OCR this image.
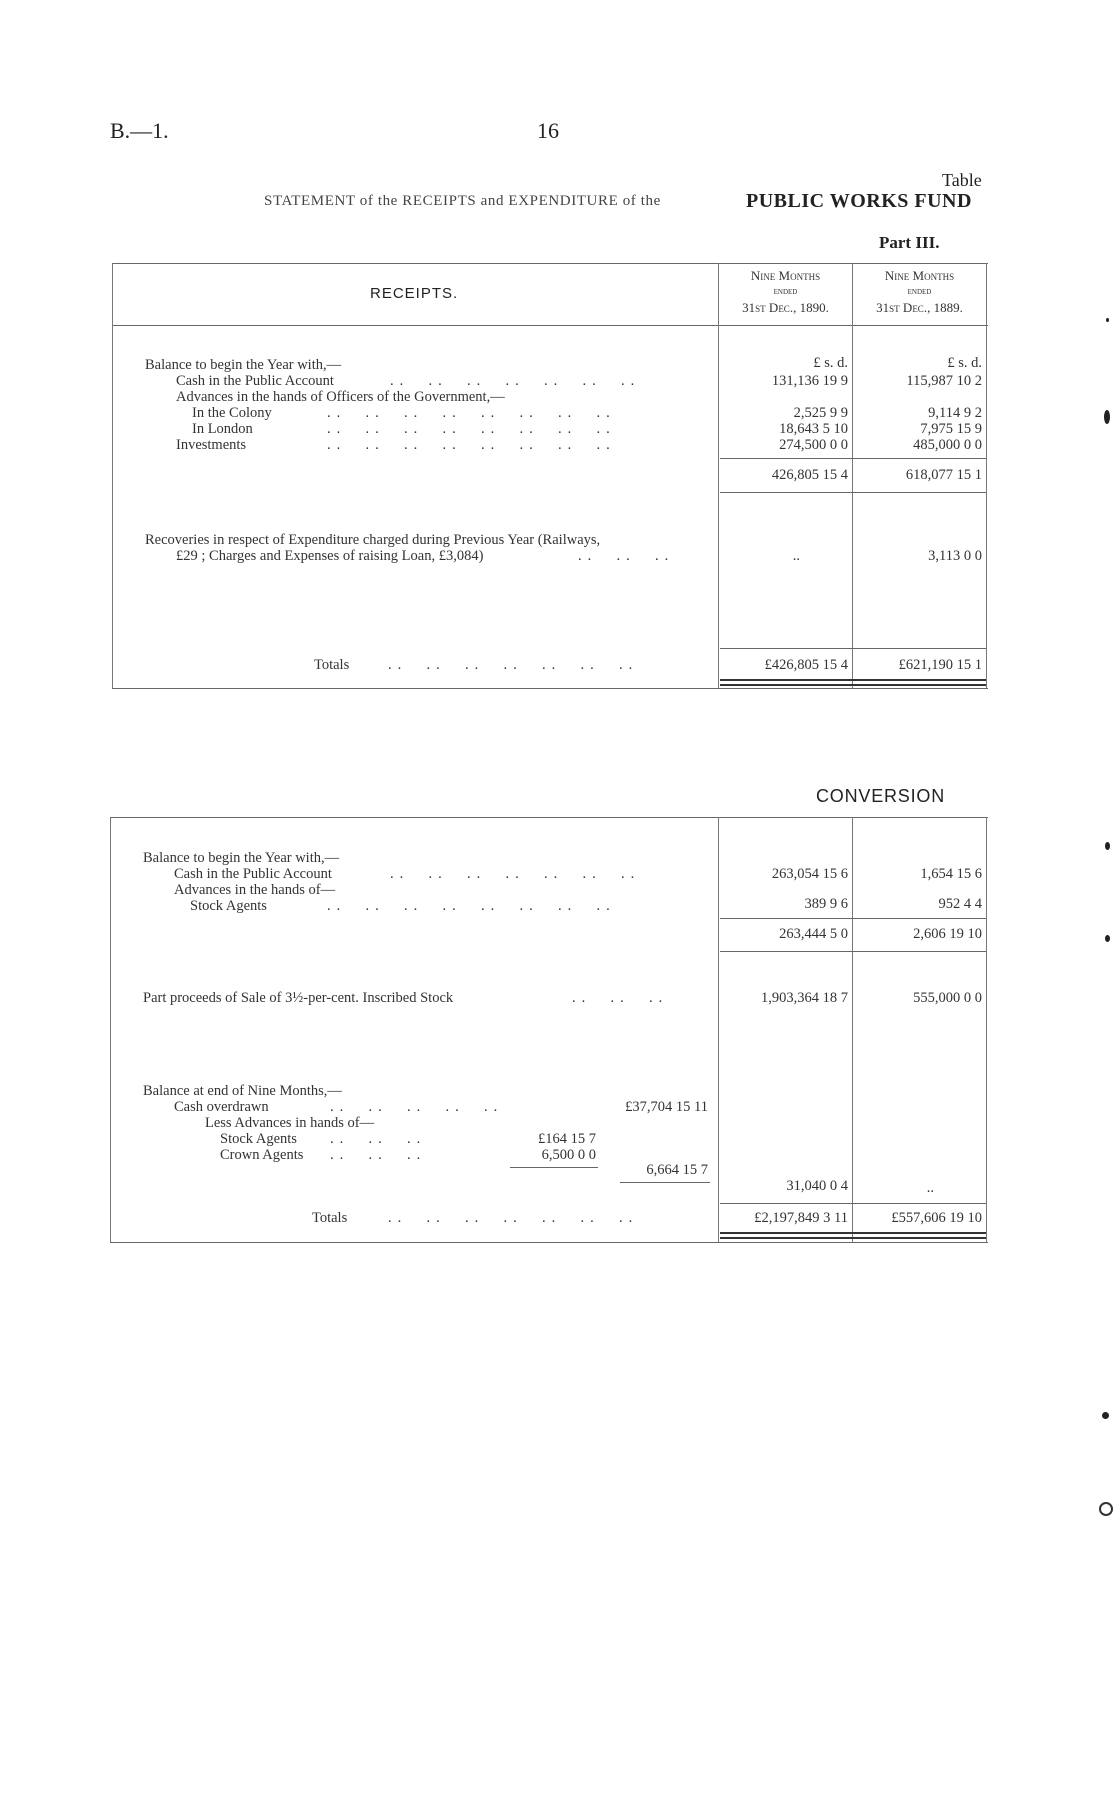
B.—1.	16
Table
STATEMENT of the RECEIPTS and EXPENDITURE of the	PUBLIC WORKS FUND
Part III.
RECEIPTS.
Nine Months
ended
31st Dec., 1890.
Nine Months
ended
31st Dec., 1889.
£ s. d.	£ s. d.
Balance to begin the Year with,—
Cash in the Public Account	..  ..  ..  ..  ..  ..  ..	131,136 19 9	115,987 10 2
Advances in the hands of Officers of the Government,—
In the Colony	..  ..  ..  ..  ..  ..  ..  ..	2,525 9 9	9,114 9 2
In London	..  ..  ..  ..  ..  ..  ..  ..	18,643 5 10	7,975 15 9
Investments	..  ..  ..  ..  ..  ..  ..  ..	274,500 0 0	485,000 0 0
426,805 15 4	618,077 15 1
Recoveries in respect of Expenditure charged during Previous Year (Railways,
£29 ; Charges and Expenses of raising Loan, £3,084)	..  ..  ..	..	3,113 0 0
Totals	..  ..  ..  ..  ..  ..  ..	£426,805 15 4	£621,190 15 1
CONVERSION
Balance to begin the Year with,—
Cash in the Public Account	..  ..  ..  ..  ..  ..  ..	263,054 15 6	1,654 15 6
Advances in the hands of—
Stock Agents	..  ..  ..  ..  ..  ..  ..  ..	389 9 6	952 4 4
263,444 5 0	2,606 19 10
Part proceeds of Sale of 3½-per-cent. Inscribed Stock	..  ..  ..	1,903,364 18 7	555,000 0 0
Balance at end of Nine Months,—
Cash overdrawn	..  ..  ..  ..  ..	£37,704 15 11
Less Advances in hands of—
Stock Agents ..  ..  ..	£164 15 7
Crown Agents ..  ..  ..	6,500 0 0
6,664 15 7
31,040 0 4	..
Totals	..  ..  ..  ..  ..  ..  ..	£2,197,849 3 11	£557,606 19 10
